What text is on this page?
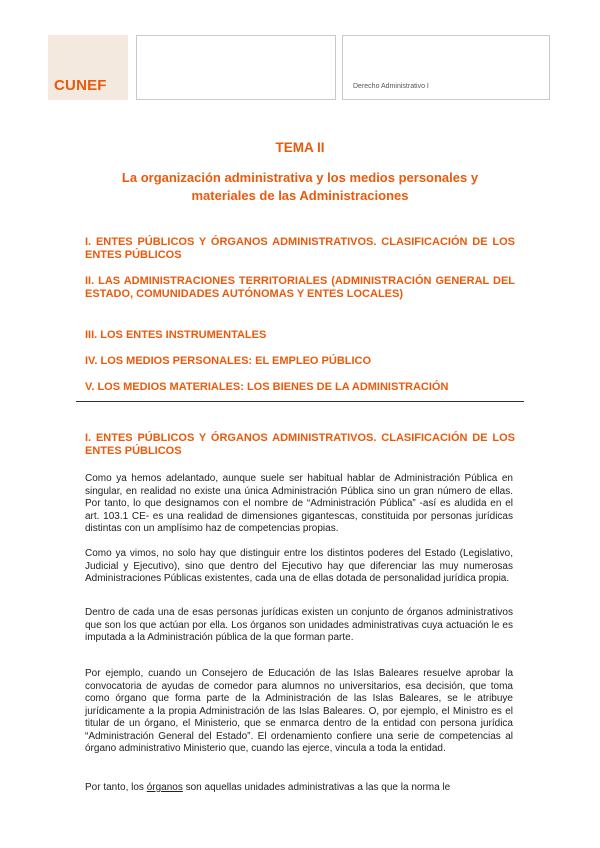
CUNEF	Derecho Administrativo I
TEMA II
La organización administrativa y los medios personales y
materiales de las Administraciones
I. ENTES PÚBLICOS Y ÓRGANOS ADMINISTRATIVOS. CLASIFICACIÓN DE LOS ENTES PÚBLICOS
II. LAS ADMINISTRACIONES TERRITORIALES (ADMINISTRACIÓN GENERAL DEL ESTADO, COMUNIDADES AUTÓNOMAS Y ENTES LOCALES)
III. LOS ENTES INSTRUMENTALES
IV. LOS MEDIOS PERSONALES: EL EMPLEO PÚBLICO
V. LOS MEDIOS MATERIALES: LOS BIENES DE LA ADMINISTRACIÓN
I. ENTES PÚBLICOS Y ÓRGANOS ADMINISTRATIVOS. CLASIFICACIÓN DE LOS ENTES PÚBLICOS
Como ya hemos adelantado, aunque suele ser habitual hablar de Administración Pública en singular, en realidad no existe una única Administración Pública sino un gran número de ellas. Por tanto, lo que designamos con el nombre de “Administración Pública” -así es aludida en el art. 103.1 CE- es una realidad de dimensiones gigantescas, constituida por personas jurídicas distintas con un amplísimo haz de competencias propias.
Como ya vimos, no solo hay que distinguir entre los distintos poderes del Estado (Legislativo, Judicial y Ejecutivo), sino que dentro del Ejecutivo hay que diferenciar las muy numerosas Administraciones Públicas existentes, cada una de ellas dotada de personalidad jurídica propia.
Dentro de cada una de esas personas jurídicas existen un conjunto de órganos administrativos que son los que actúan por ella. Los órganos son unidades administrativas cuya actuación le es imputada a la Administración pública de la que forman parte.
Por ejemplo, cuando un Consejero de Educación de las Islas Baleares resuelve aprobar la convocatoria de ayudas de comedor para alumnos no universitarios, esa decisión, que toma como órgano que forma parte de la Administración de las Islas Baleares, se le atribuye jurídicamente a la propia Administración de las Islas Baleares. O, por ejemplo, el Ministro es el titular de un órgano, el Ministerio, que se enmarca dentro de la entidad con persona jurídica “Administración General del Estado”. El ordenamiento confiere una serie de competencias al órgano administrativo Ministerio que, cuando las ejerce, vincula a toda la entidad.
Por tanto, los órganos son aquellas unidades administrativas a las que la norma le
